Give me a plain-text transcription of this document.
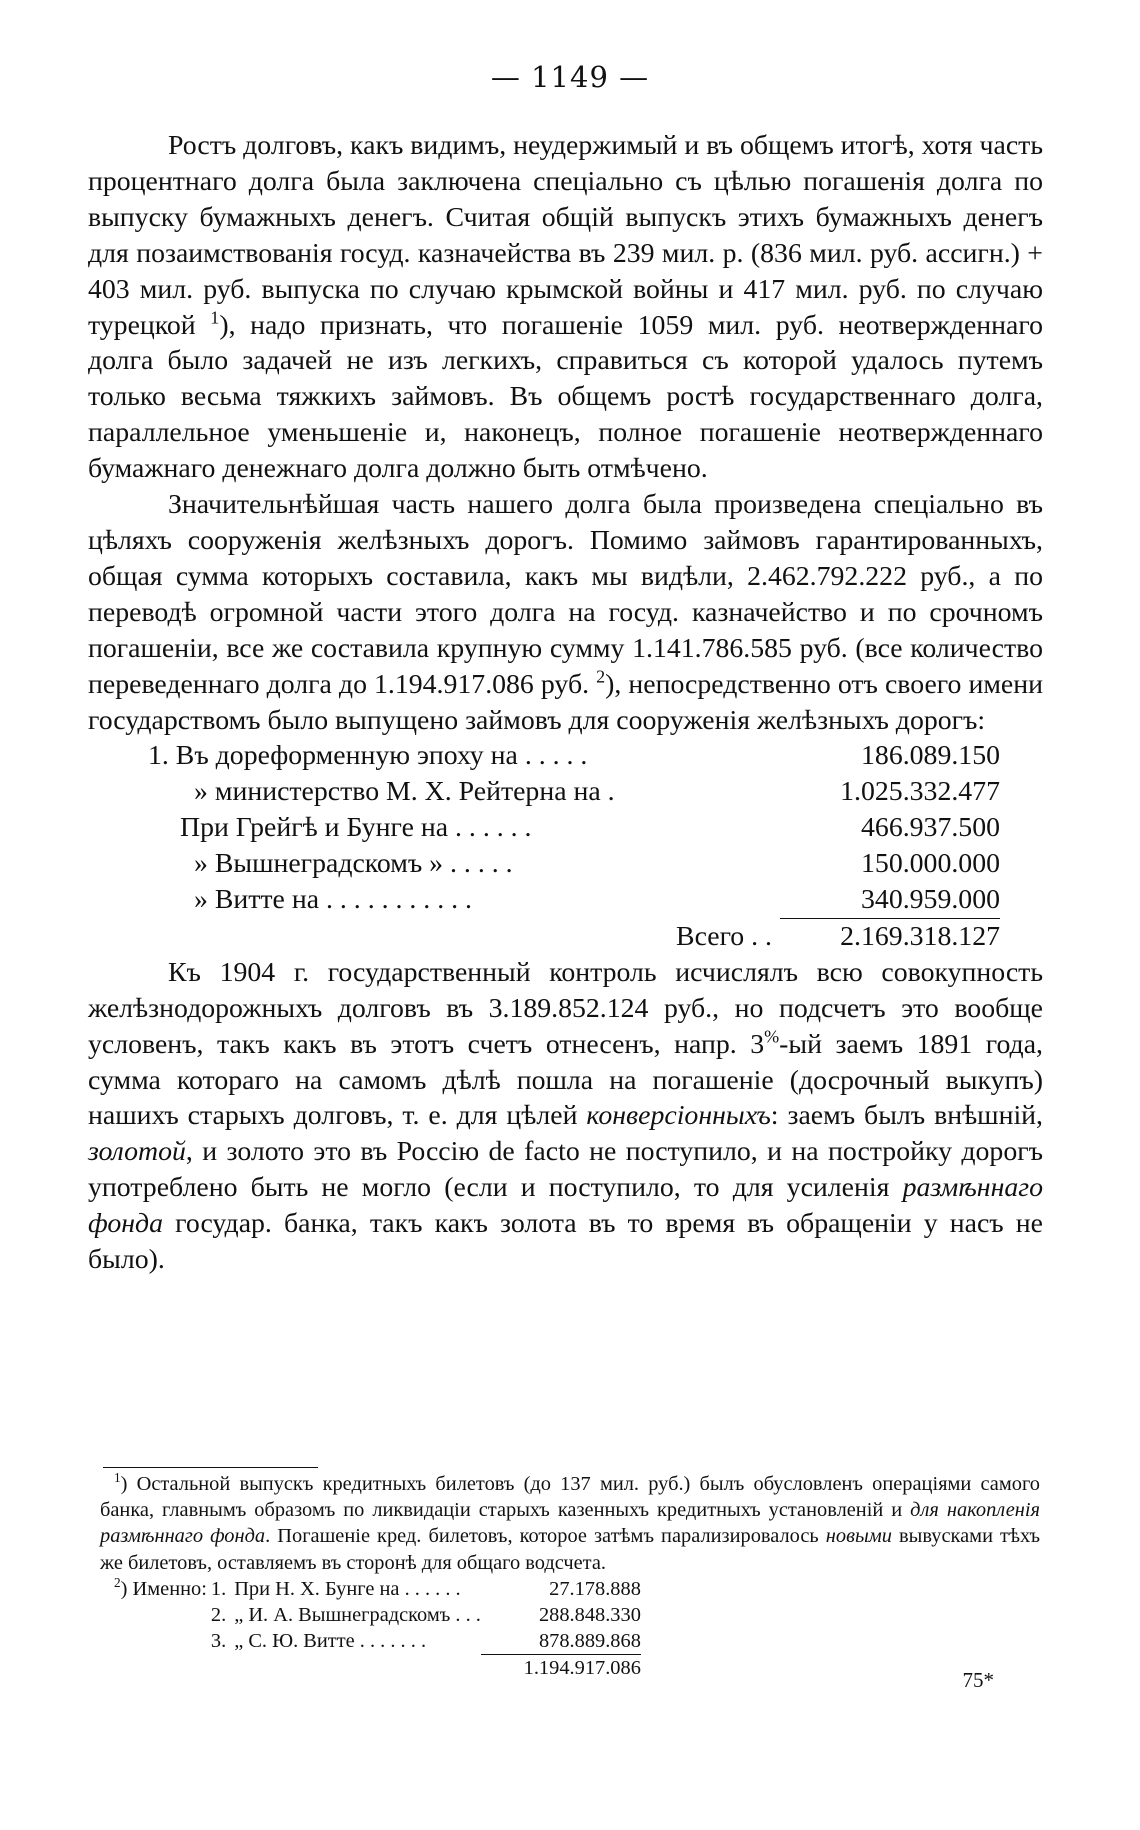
— 1149 —

Ростъ долговъ, какъ видимъ, неудержимый и въ общемъ итогѣ, хотя часть процентнаго долга была заключена спеціально съ цѣлью погашенія долга по выпуску бумажныхъ денегъ. Считая общій выпускъ этихъ бумажныхъ денегъ для позаимствованія госуд. казначейства въ 239 мил. р. (836 мил. руб. ассигн.) + 403 мил. руб. выпуска по случаю крымской войны и 417 мил. руб. по случаю турецкой $^1$), надо признать, что погашеніе 1059 мил. руб. неотвержденнаго долга было задачей не изъ легкихъ, справиться съ которой удалось путемъ только весьма тяжкихъ займовъ. Въ общемъ ростѣ государственнаго долга, параллельное уменьшеніе и, наконецъ, полное погашеніе неотвержденнаго бумажнаго денежнаго долга должно быть отмѣчено.

Значительнѣйшая часть нашего долга была произведена спеціально въ цѣляхъ сооруженія желѣзныхъ дорогъ. Помимо займовъ гарантированныхъ, общая сумма которыхъ составила, какъ мы видѣли, 2.462.792.222 руб., а по переводѣ огромной части этого долга на госуд. казначейство и по срочномъ погашеніи, все же составила крупную сумму 1.141.786.585 руб. (все количество переведеннаго долга до 1.194.917.086 руб. $^2$), непосредственно отъ своего имени государствомъ было выпущено займовъ для сооруженія желѣзныхъ дорогъ:

1. Въ дореформенную эпоху на . . . . .	186.089.150
» министерство М. Х. Рейтерна на .	1.025.332.477
При Грейгѣ и Бунге на . . . . . .	466.937.500
» Вышнеградскомъ » . . . . .	150.000.000
» Витте на . . . . . . . . . . .	340.959.000
Всего . .	2.169.318.127

Къ 1904 г. государственный контроль исчислялъ всю совокупность желѣзнодорожныхъ долговъ въ 3.189.852.124 руб., но подсчетъ это вообще условенъ, такъ какъ въ этотъ счетъ отнесенъ, напр. 3%-ый заемъ 1891 года, сумма котораго на самомъ дѣлѣ пошла на погашеніе (досрочный выкупъ) нашихъ старыхъ долговъ, т. е. для цѣлей конверсіонныхъ: заемъ былъ внѣшній, золотой, и золото это въ Россію de facto не поступило, и на постройку дорогъ употреблено быть не могло (если и поступило, то для усиленія размѣннаго фонда государ. банка, такъ какъ золота въ то время въ обращеніи у насъ не было).

$^1$) Остальной выпускъ кредитныхъ билетовъ (до 137 мил. руб.) былъ обусловленъ операціями самого банка, главнымъ образомъ по ликвидаціи старыхъ казенныхъ кредитныхъ установленій и для накопленія размѣннаго фонда. Погашеніе кред. билетовъ, которое затѣмъ парализировалось новыми вывусками тѣхъ же билетовъ, оставляемъ въ сторонѣ для общаго водсчета.

$^2$) Именно:	1.	При Н. Х. Бунге на . . . . . .	27.178.888
	2.	„ И. А. Вышнеградскомъ . . .	288.848.330
	3.	„ С. Ю. Витте . . . . . . .	878.889.868
			1.194.917.086	75*
